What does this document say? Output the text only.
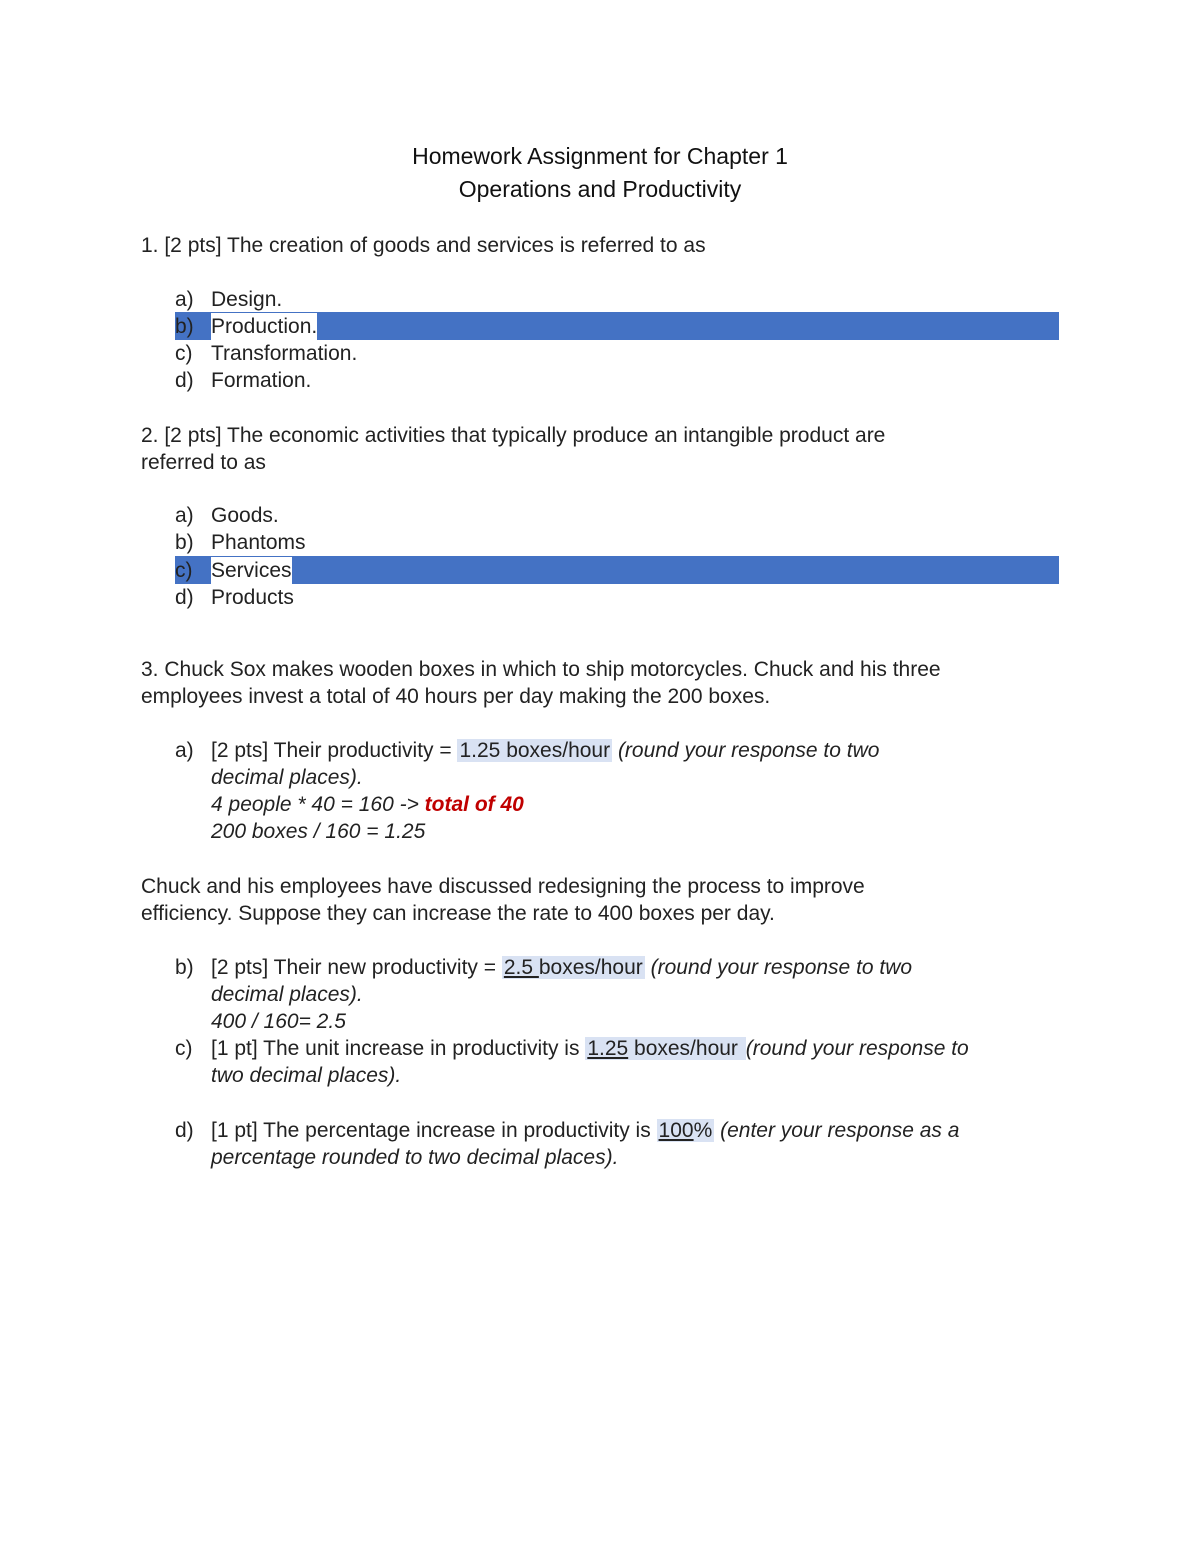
Homework Assignment for Chapter 1
Operations and Productivity
1. [2 pts] The creation of goods and services is referred to as
a) Design.
b) Production.
c) Transformation.
d) Formation.
2. [2 pts] The economic activities that typically produce an intangible product are
referred to as
a) Goods.
b) Phantoms
c) Services
d) Products
3. Chuck Sox makes wooden boxes in which to ship motorcycles. Chuck and his three
employees invest a total of 40 hours per day making the 200 boxes.
a) [2 pts] Their productivity = 1.25 boxes/hour (round your response to two
decimal places).
4 people * 40 = 160 -> total of 40
200 boxes / 160 = 1.25
Chuck and his employees have discussed redesigning the process to improve
efficiency. Suppose they can increase the rate to 400 boxes per day.
b) [2 pts] Their new productivity = 2.5 boxes/hour (round your response to two
decimal places).
400 / 160= 2.5
c) [1 pt] The unit increase in productivity is 1.25 boxes/hour (round your response to
two decimal places).
d) [1 pt] The percentage increase in productivity is 100% (enter your response as a
percentage rounded to two decimal places).
